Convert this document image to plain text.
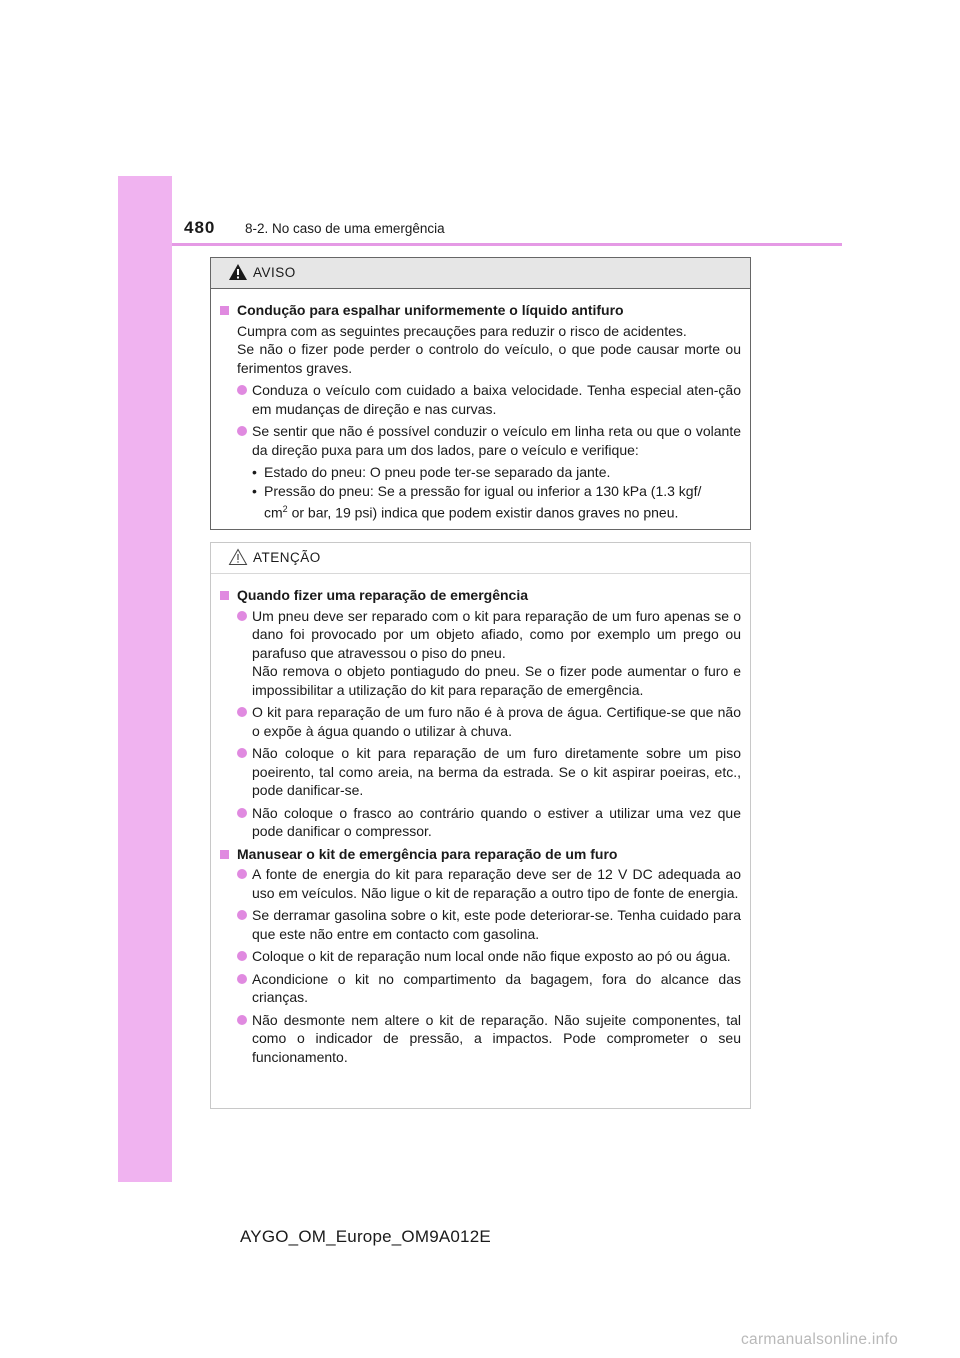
480 8-2. No caso de uma emergência
AVISO
Condução para espalhar uniformemente o líquido antifuro

Cumpra com as seguintes precauções para reduzir o risco de acidentes.

Se não o fizer pode perder o controlo do veículo, o que pode causar morte ou ferimentos graves.

Conduza o veículo com cuidado a baixa velocidade. Tenha especial aten-ção em mudanças de direção e nas curvas.

Se sentir que não é possível conduzir o veículo em linha reta ou que o volante da direção puxa para um dos lados, pare o veículo e verifique:

• Estado do pneu: O pneu pode ter-se separado da jante.
• Pressão do pneu: Se a pressão for igual ou inferior a 130 kPa (1.3 kgf/
$cm^2$ or bar, 19 psi) indica que podem existir danos graves no pneu.
ATENÇÃO
Quando fizer uma reparação de emergência

Um pneu deve ser reparado com o kit para reparação de um furo apenas se o dano foi provocado por um objeto afiado, como por exemplo um prego ou parafuso que atravessou o piso do pneu.

Não remova o objeto pontiagudo do pneu. Se o fizer pode aumentar o furo e impossibilitar a utilização do kit para reparação de emergência.

O kit para reparação de um furo não é à prova de água. Certifique-se que não o expõe à água quando o utilizar à chuva.

Não coloque o kit para reparação de um furo diretamente sobre um piso poeirento, tal como areia, na berma da estrada. Se o kit aspirar poeiras, etc., pode danificar-se.

Não coloque o frasco ao contrário quando o estiver a utilizar uma vez que pode danificar o compressor.

Manusear o kit de emergência para reparação de um furo

A fonte de energia do kit para reparação deve ser de 12 V DC adequada ao uso em veículos. Não ligue o kit de reparação a outro tipo de fonte de energia.

Se derramar gasolina sobre o kit, este pode deteriorar-se. Tenha cuidado para que este não entre em contacto com gasolina.

Coloque o kit de reparação num local onde não fique exposto ao pó ou água.

Acondicione o kit no compartimento da bagagem, fora do alcance das crianças.

Não desmonte nem altere o kit de reparação. Não sujeite componentes, tal como o indicador de pressão, a impactos. Pode comprometer o seu funcionamento.

AYGO_OM_Europe_OM9A012E
carmanualsonline.info
